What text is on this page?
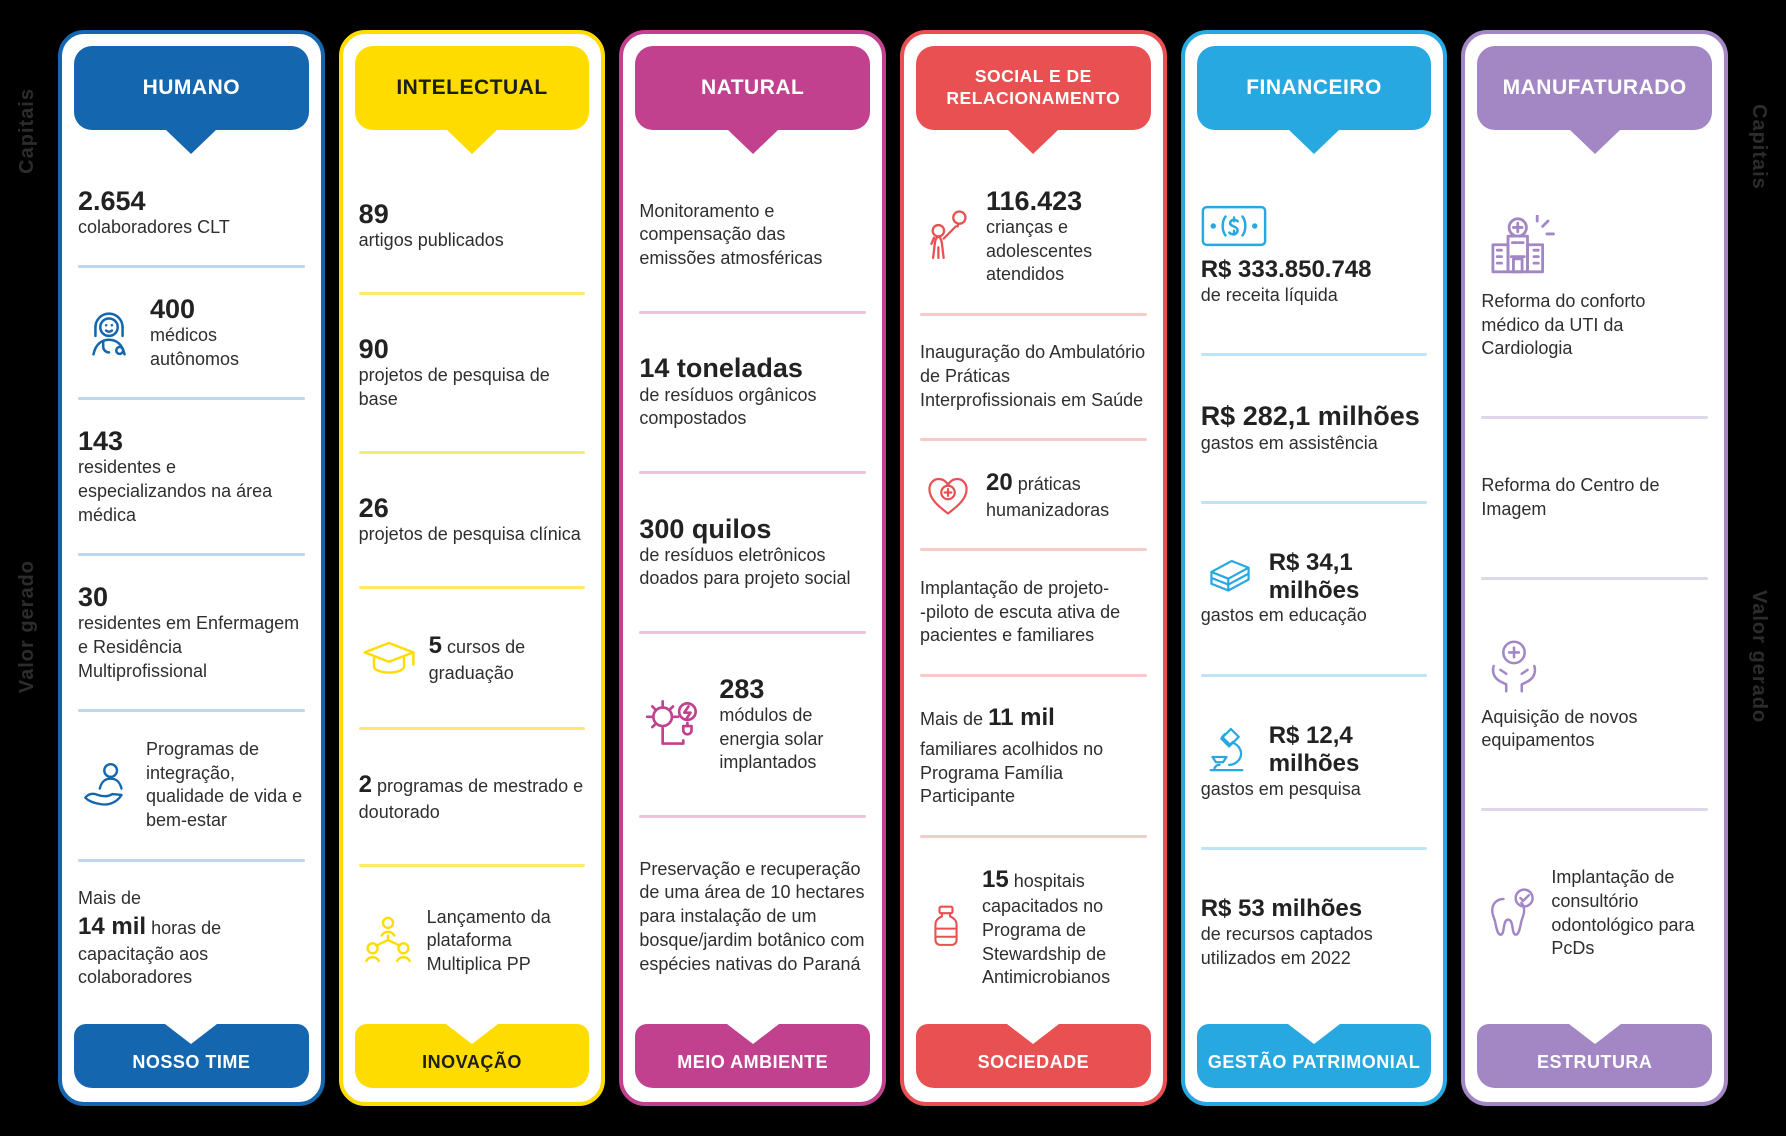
Capitais
Valor gerado
Capitais
Valor gerado
HUMANO
2.654
colaboradores CLT
400
médicos autônomos
143
residentes e especializandos na área médica
30
residentes em Enfermagem e Residência Multiprofissional
Programas de integração, qualidade de vida e bem-estar
Mais de
14 mil horas de capacitação aos colaboradores
NOSSO TIME
INTELECTUAL
89
artigos publicados
90
projetos de pesquisa de base
26
projetos de pesquisa clínica
5 cursos de graduação
2 programas de mestrado e doutorado
Lançamento da plataforma Multiplica PP
INOVAÇÃO
NATURAL
Monitoramento e compensação das emissões atmosféricas
14 toneladas
de resíduos orgânicos compostados
300 quilos
de resíduos eletrônicos doados para projeto social
283
módulos de energia solar implantados
Preservação e recuperação de uma área de 10 hectares para instalação de um bosque/jardim botânico com espécies nativas do Paraná
MEIO AMBIENTE
SOCIAL E DE RELACIONAMENTO
116.423
crianças e adolescentes atendidos
Inauguração do Ambulatório de Práticas Interprofissionais em Saúde
20 práticas humanizadoras
Implantação de projeto-
-piloto de escuta ativa de pacientes e familiares
Mais de 11 mil
familiares acolhidos no Programa Família Participante
15 hospitais capacitados no Programa de Stewardship de Antimicrobianos
SOCIEDADE
FINANCEIRO
R$ 333.850.748
de receita líquida
R$ 282,1 milhões
gastos em assistência
R$ 34,1 milhões
gastos em educação
R$ 12,4 milhões
gastos em pesquisa
R$ 53 milhões
de recursos captados utilizados em 2022
GESTÃO PATRIMONIAL
MANUFATURADO
Reforma do conforto médico da UTI da Cardiologia
Reforma do Centro de Imagem
Aquisição de novos equipamentos
Implantação de consultório odontológico para PcDs
ESTRUTURA
